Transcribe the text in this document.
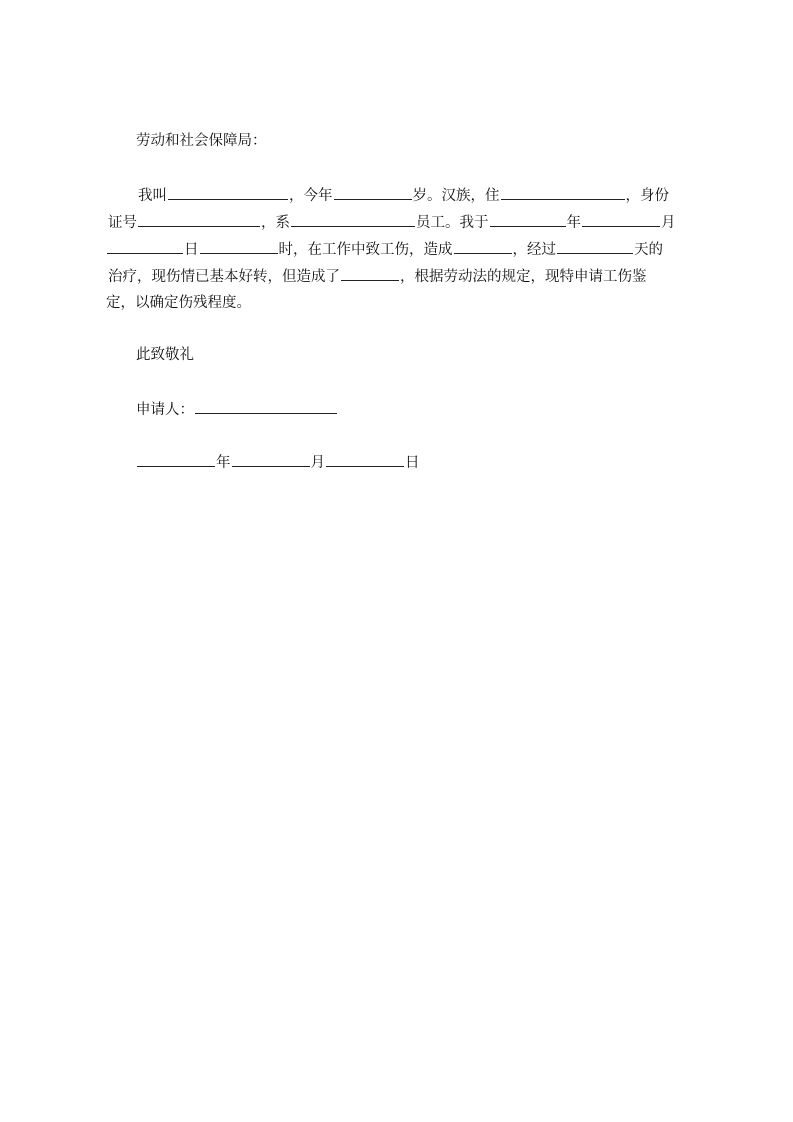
劳动和社会保障局：
我叫	，今年	岁。汉族，住	，身份
证号	，系	员工。我于	年	月
日	时，在工作中致工伤，造成	，经过	天的
治疗，现伤情已基本好转，但造成了	，根据劳动法的规定，现特申请工伤鉴
定，以确定伤残程度。
此致敬礼
申请人：
年	月	日
